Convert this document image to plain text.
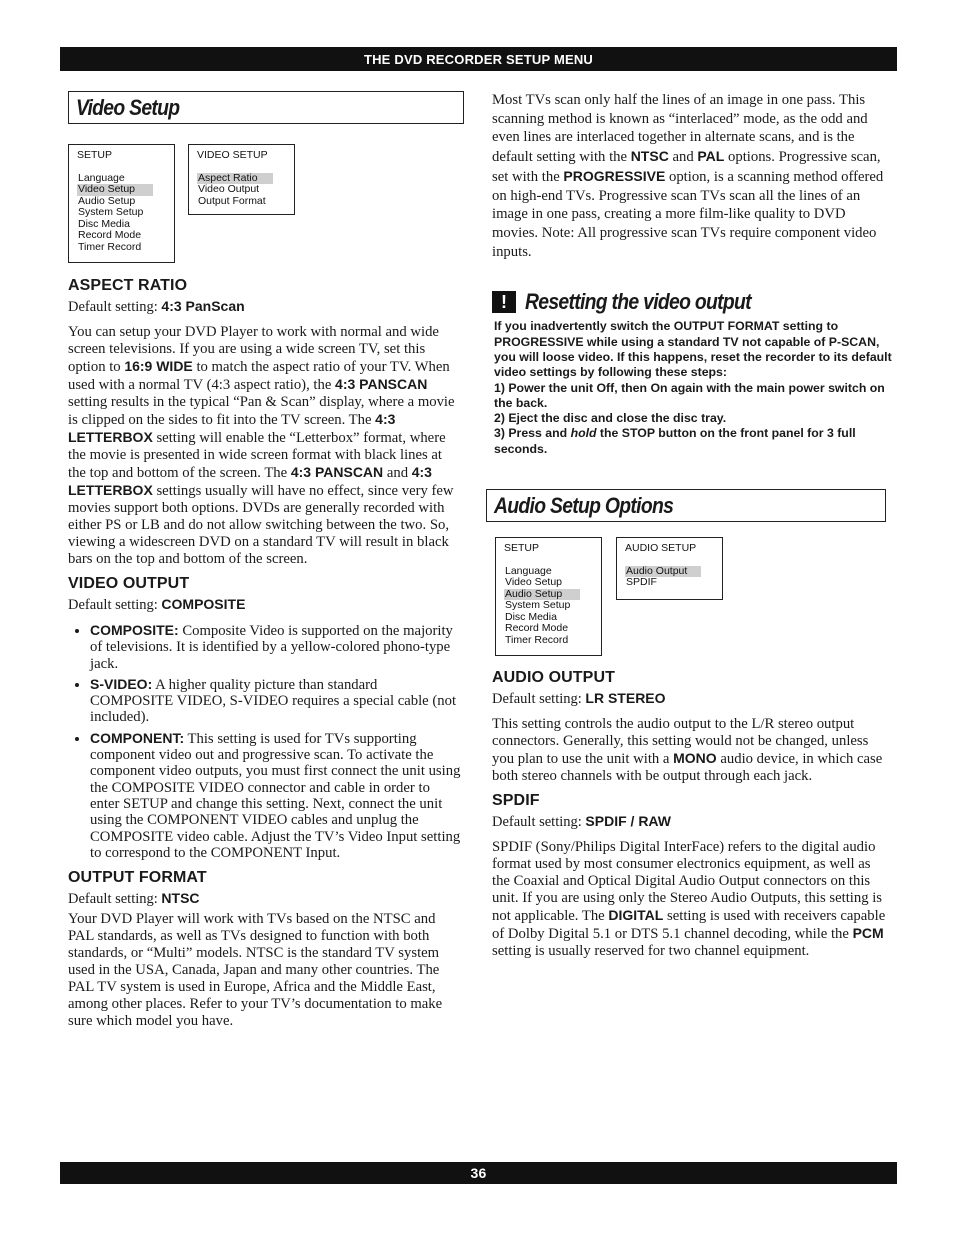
THE DVD RECORDER SETUP MENU
Video Setup
SETUP
Language
Video Setup
Audio Setup
System Setup
Disc Media
Record Mode
Timer Record
VIDEO SETUP
Aspect Ratio
Video Output
Output Format
ASPECT RATIO
Default setting: 4:3 PanScan

You can setup your DVD Player to work with normal and wide screen televisions. If you are using a wide screen TV, set this option to 16:9 WIDE to match the aspect ratio of your TV. When used with a normal TV (4:3 aspect ratio), the 4:3 PANSCAN setting results in the typical “Pan & Scan” display, where a movie is clipped on the sides to fit into the TV screen. The 4:3 LETTERBOX setting will enable the “Letterbox” format, where the movie is presented in wide screen format with black lines at the top and bottom of the screen. The 4:3 PANSCAN and 4:3 LETTERBOX settings usually will have no effect, since very few movies support both options. DVDs are generally recorded with either PS or LB and do not allow switching between the two. So, viewing a widescreen DVD on a standard TV will result in black bars on the top and bottom of the screen.

VIDEO OUTPUT
Default setting: COMPOSITE
• COMPOSITE: Composite Video is supported on the majority of televisions. It is identified by a yellow-colored phono-type jack.
• S-VIDEO: A higher quality picture than standard COMPOSITE VIDEO, S-VIDEO requires a special cable (not included).
• COMPONENT: This setting is used for TVs supporting component video out and progressive scan. To activate the component video outputs, you must first connect the unit using the COMPOSITE VIDEO connector and cable in order to enter SETUP and change this setting. Next, connect the unit using the COMPONENT VIDEO cables and unplug the COMPOSITE video cable. Adjust the TV’s Video Input setting to correspond to the COMPONENT Input.
OUTPUT FORMAT
Default setting: NTSC

Your DVD Player will work with TVs based on the NTSC and PAL standards, as well as TVs designed to function with both standards, or “Multi” models. NTSC is the standard TV system used in the USA, Canada, Japan and many other countries. The PAL TV system is used in Europe, Africa and the Middle East, among other places. Refer to your TV’s documentation to make sure which model you have.

Most TVs scan only half the lines of an image in one pass. This scanning method is known as “interlaced” mode, as the odd and even lines are interlaced together in alternate scans, and is the default setting with the NTSC and PAL options. Progressive scan, set with the PROGRESSIVE option, is a scanning method offered on high-end TVs. Progressive scan TVs scan all the lines of an image in one pass, creating a more film-like quality to DVD movies. Note: All progressive scan TVs require component video inputs.

! Resetting the video output
If you inadvertently switch the OUTPUT FORMAT setting to PROGRESSIVE while using a standard TV not capable of P-SCAN, you will loose video. If this happens, reset the recorder to its default video settings by following these steps:
1) Power the unit Off, then On again with the main power switch on the back.
2) Eject the disc and close the disc tray.
3) Press and hold the STOP button on the front panel for 3 full seconds.
Audio Setup Options
SETUP
Language
Video Setup
Audio Setup
System Setup
Disc Media
Record Mode
Timer Record
AUDIO SETUP
Audio Output
SPDIF
AUDIO OUTPUT
Default setting: LR STEREO

This setting controls the audio output to the L/R stereo output connectors. Generally, this setting would not be changed, unless you plan to use the unit with a MONO audio device, in which case both stereo channels with be output through each jack.

SPDIF
Default setting: SPDIF / RAW

SPDIF (Sony/Philips Digital InterFace) refers to the digital audio format used by most consumer electronics equipment, as well as the Coaxial and Optical Digital Audio Output connectors on this unit. If you are using only the Stereo Audio Outputs, this setting is not applicable. The DIGITAL setting is used with receivers capable of Dolby Digital 5.1 or DTS 5.1 channel decoding, while the PCM setting is usually reserved for two channel equipment.

36
